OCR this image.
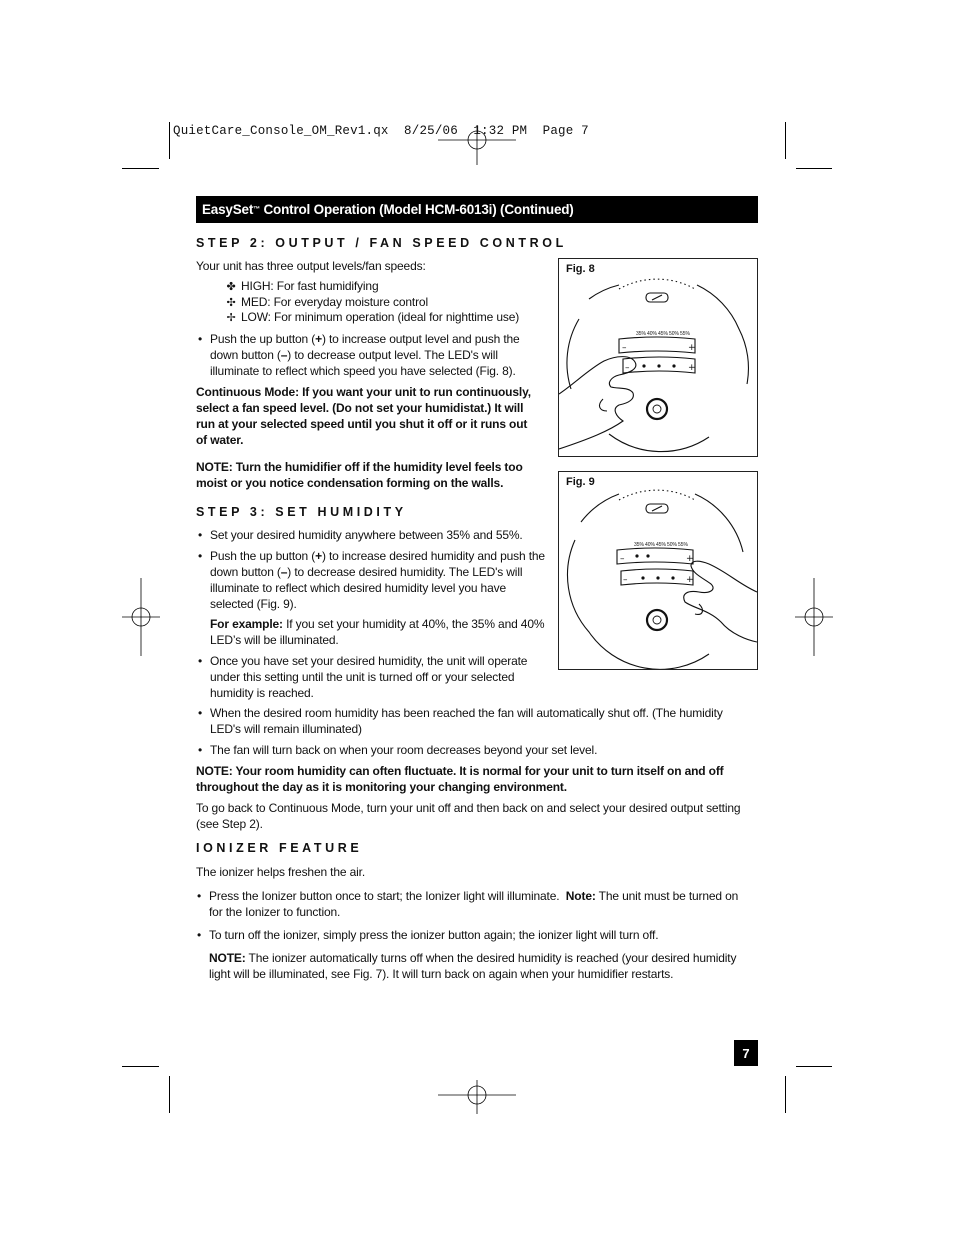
QuietCare_Console_OM_Rev1.qx  8/25/06  1:32 PM  Page 7
EasySet ™ Control Operation (Model HCM-6013i) (Continued)
STEP 2: OUTPUT / FAN SPEED CONTROL
Your unit has three output levels/fan speeds:
✤ HIGH: For fast humidifying
✣ MED: For everyday moisture control
✢ LOW: For minimum operation (ideal for nighttime use)
• Push the up button (+) to increase output level and push the
down button (–) to decrease output level. The LED's will
illuminate to reflect which speed you have selected (Fig. 8).
Continuous Mode: If you want your unit to run continuously,
select a fan speed level. (Do not set your humidistat.) It will
run at your selected speed until you shut it off or it runs out
of water.
NOTE: Turn the humidifier off if the humidity level feels too
moist or you notice condensation forming on the walls.
STEP 3: SET HUMIDITY
• Set your desired humidity anywhere between 35% and 55%.
• Push the up button (+) to increase desired humidity and push the
down button (–) to decrease desired humidity. The LED's will
illuminate to reflect which desired humidity level you have
selected (Fig. 9).
For example: If you set your humidity at 40%, the 35% and 40%
LED’s will be illuminated.
• Once you have set your desired humidity, the unit will operate
under this setting until the unit is turned off or your selected
humidity is reached.
• When the desired room humidity has been reached the fan will automatically shut off. (The humidity
LED's will remain illuminated)
• The fan will turn back on when your room decreases beyond your set level.
NOTE: Your room humidity can often fluctuate. It is normal for your unit to turn itself on and off
throughout the day as it is monitoring your changing environment.
To go back to Continuous Mode, turn your unit off and then back on and select your desired output setting
(see Step 2).
IONIZER FEATURE
The ionizer helps freshen the air.
• Press the Ionizer button once to start; the Ionizer light will illuminate.  Note: The unit must be turned on
for the Ionizer to function.
• To turn off the ionizer, simply press the ionizer button again; the ionizer light will turn off.
NOTE: The ionizer automatically turns off when the desired humidity is reached (your desired humidity
light will be illuminated, see Fig. 7). It will turn back on again when your humidifier restarts.
Fig. 8
35% 40% 45% 50% 55%
–	+
–	+
Fig. 9
35% 40% 45% 50% 55%
–	+
–	+
7
